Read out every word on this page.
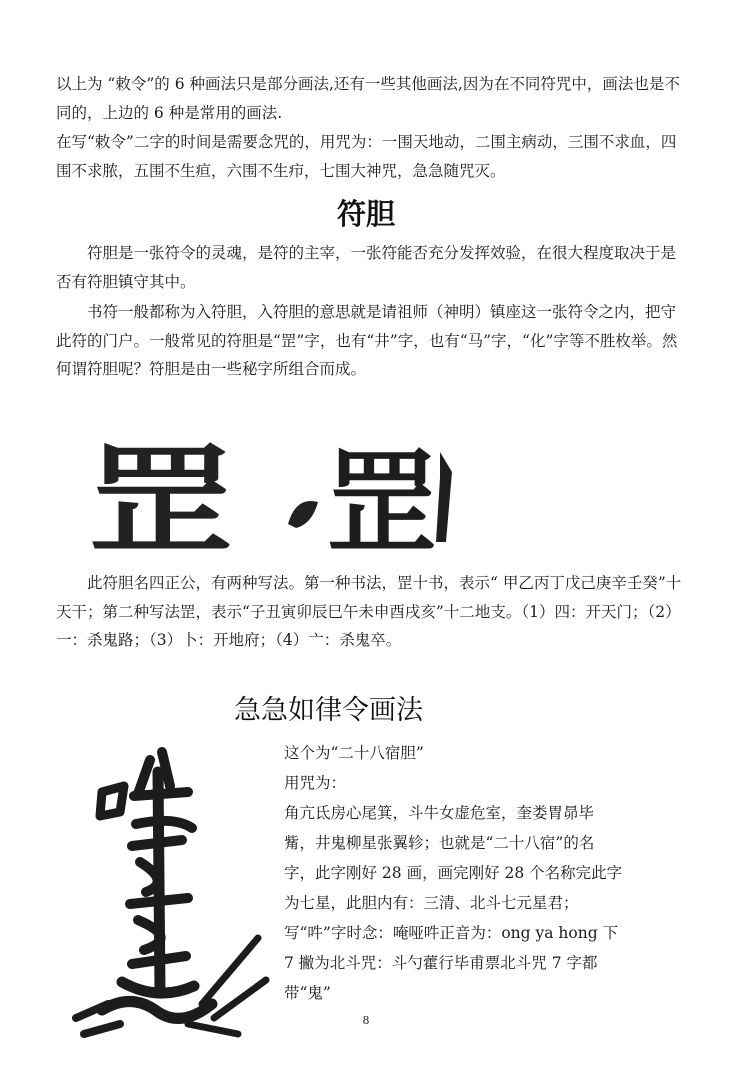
以上为 “敕令”的 6 种画法只是部分画法,还有一些其他画法,因为在不同符咒中，画法也是不同的，上边的 6 种是常用的画法.

在写“敕令”二字的时间是需要念咒的，用咒为：一围天地动，二围主病动，三围不求血，四围不求脓，五围不生疸，六围不生疖，七围大神咒，急急随咒灭。

符胆

符胆是一张符令的灵魂，是符的主宰，一张符能否充分发挥效验，在很大程度取决于是否有符胆镇守其中。

书符一般都称为入符胆，入符胆的意思就是请祖师（神明）镇座这一张符令之内，把守此符的门户。一般常见的符胆是“罡”字，也有“井”字，也有“马”字，“化”字等不胜枚举。然何谓符胆呢？符胆是由一些秘字所组合而成。

罡 罡

此符胆名四正公，有两种写法。第一种书法，罡十书，表示“ 甲乙丙丁戊己庚辛壬癸”十天干；第二种写法罡，表示“子丑寅卯辰巳午未申酉戌亥”十二地支。（1）四：开天门；（2）一：杀鬼路；（3）卜：开地府；（4）亠：杀鬼卒。

急急如律令画法

这个为“二十八宿胆”

用咒为：

角亢氐房心尾箕，斗牛女虚危室，奎娄胃昴毕觜，井鬼柳星张翼轸；也就是“二十八宿”的名字，此字刚好 28 画，画完刚好 28 个名称完此字为七星，此胆内有：三清、北斗七元星君；写“吽”字时念：唵哑吽正音为：ong ya hong 下 7 撇为北斗咒：斗勺藿行毕甫票北斗咒 7 字都带“鬼”

8
